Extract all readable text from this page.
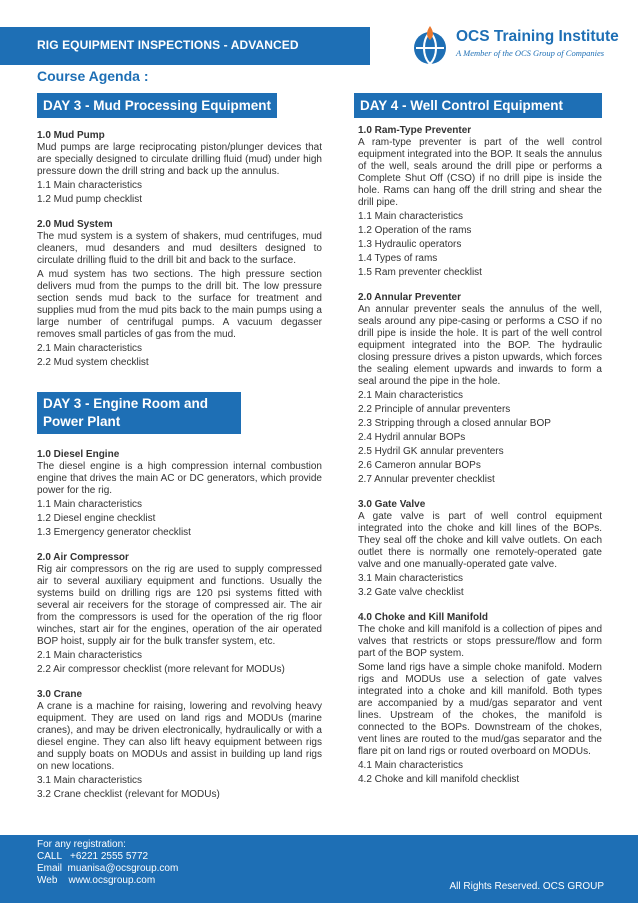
RIG EQUIPMENT INSPECTIONS - ADVANCED	OCS Training Institute
A Member of the OCS Group of Companies
Course Agenda :
DAY 3 - Mud Processing Equipment	DAY 4 - Well Control Equipment
DAY 3 - Engine Room and
Power Plant
1.0 Mud Pump

Mud pumps are large reciprocating piston/plunger devices that are specially designed to circulate drilling fluid (mud) under high pressure down the drill string and back up the annulus.

1.1 Main characteristics
1.2 Mud pump checklist
2.0 Mud System

The mud system is a system of shakers, mud centrifuges, mud cleaners, mud desanders and mud desilters designed to circulate drilling fluid to the drill bit and back to the surface.

A mud system has two sections. The high pressure section delivers mud from the pumps to the drill bit. The low pressure section sends mud back to the surface for treatment and supplies mud from the mud pits back to the main pumps using a large number of centrifugal pumps. A vacuum degasser removes small particles of gas from the mud.

2.1 Main characteristics
2.2 Mud system checklist
1.0 Diesel Engine

The diesel engine is a high compression internal combustion engine that drives the main AC or DC generators, which provide power for the rig.

1.1 Main characteristics
1.2 Diesel engine checklist
1.3 Emergency generator checklist
2.0 Air Compressor

Rig air compressors on the rig are used to supply compressed air to several auxiliary equipment and functions. Usually the systems build on drilling rigs are 120 psi systems fitted with several air receivers for the storage of compressed air. The air from the compressors is used for the operation of the rig floor winches, start air for the engines, operation of the air operated BOP hoist, supply air for the bulk transfer system, etc.

2.1 Main characteristics
2.2 Air compressor checklist (more relevant for MODUs)
3.0 Crane

A crane is a machine for raising, lowering and revolving heavy equipment. They are used on land rigs and MODUs (marine cranes), and may be driven electronically, hydraulically or with a diesel engine. They can also lift heavy equipment between rigs and supply boats on MODUs and assist in building up land rigs on new locations.

3.1 Main characteristics
3.2 Crane checklist (relevant for MODUs)
1.0 Ram-Type Preventer

A ram-type preventer is part of the well control equipment integrated into the BOP. It seals the annulus of the well, seals around the drill pipe or performs a Complete Shut Off (CSO) if no drill pipe is inside the hole. Rams can hang off the drill string and shear the drill pipe.

1.1 Main characteristics
1.2 Operation of the rams
1.3 Hydraulic operators
1.4 Types of rams
1.5 Ram preventer checklist
2.0 Annular Preventer

An annular preventer seals the annulus of the well, seals around any pipe-casing or performs a CSO if no drill pipe is inside the hole. It is part of the well control equipment integrated into the BOP. The hydraulic closing pressure drives a piston upwards, which forces the sealing element upwards and inwards to form a seal around the pipe in the hole.

2.1 Main characteristics
2.2 Principle of annular preventers
2.3 Stripping through a closed annular BOP
2.4 Hydril annular BOPs
2.5 Hydril GK annular preventers
2.6 Cameron annular BOPs
2.7 Annular preventer checklist
3.0 Gate Valve

A gate valve is part of well control equipment integrated into the choke and kill lines of the BOPs. They seal off the choke and kill valve outlets. On each outlet there is normally one remotely-operated gate valve and one manually-operated gate valve.

3.1 Main characteristics
3.2 Gate valve checklist
4.0 Choke and Kill Manifold

The choke and kill manifold is a collection of pipes and valves that restricts or stops pressure/flow and form part of the BOP system.

Some land rigs have a simple choke manifold. Modern rigs and MODUs use a selection of gate valves integrated into a choke and kill manifold. Both types are accompanied by a mud/gas separator and vent lines. Upstream of the chokes, the manifold is connected to the BOPs. Downstream of the chokes, vent lines are routed to the mud/gas separator and the flare pit on land rigs or routed overboard on MODUs.

4.1 Main characteristics
4.2 Choke and kill manifold checklist
For any registration:
CALL   +6221 2555 5772
Email  muanisa@ocsgroup.com
Web    www.ocsgroup.com
All Rights Reserved. OCS GROUP
